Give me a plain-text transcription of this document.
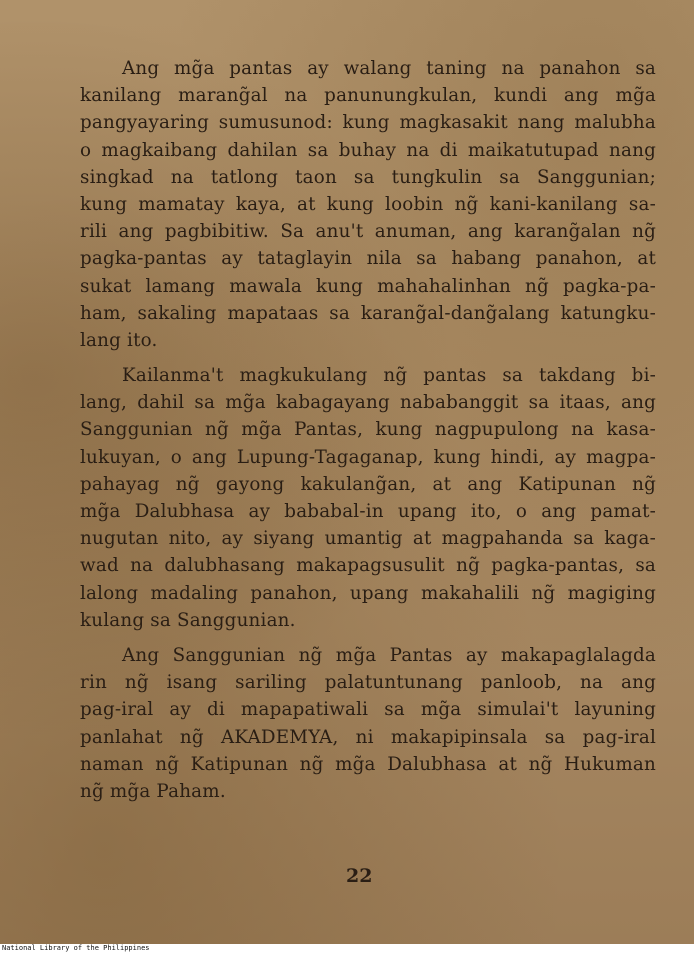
Ang mg̃a pantas ay walang taning na panahon sa
kanilang marang̃al na panunungkulan, kundi ang mg̃a
pangyayaring sumusunod: kung magkasakit nang malubha
o magkaibang dahilan sa buhay na di maikatutupad nang
singkad na tatlong taon sa tungkulin sa Sanggunian;
kung mamatay kaya, at kung loobin ng̃ kani-kanilang sa-
rili ang pagbibitiw. Sa anu't anuman, ang karang̃alan ng̃
pagka-pantas ay tataglayin nila sa habang panahon, at
sukat lamang mawala kung mahahalinhan ng̃ pagka-pa-
ham, sakaling mapataas sa karang̃al-dang̃alang katungku-
lang ito.
Kailanma't magkukulang ng̃ pantas sa takdang bi-
lang, dahil sa mg̃a kabagayang nababanggit sa itaas, ang
Sanggunian ng̃ mg̃a Pantas, kung nagpupulong na kasa-
lukuyan, o ang Lupung-Tagaganap, kung hindi, ay magpa-
pahayag ng̃ gayong kakulang̃an, at ang Katipunan ng̃
mg̃a Dalubhasa ay bababal-in upang ito, o ang pamat-
nugutan nito, ay siyang umantig at magpahanda sa kaga-
wad na dalubhasang makapagsusulit ng̃ pagka-pantas, sa
lalong madaling panahon, upang makahalili ng̃ magiging
kulang sa Sanggunian.
Ang Sanggunian ng̃ mg̃a Pantas ay makapaglalagda
rin ng̃ isang sariling palatuntunang panloob, na ang
pag-iral ay di mapapatiwali sa mg̃a simulai't layuning
panlahat ng̃ AKADEMYA, ni makapipinsala sa pag-iral
naman ng̃ Katipunan ng̃ mg̃a Dalubhasa at ng̃ Hukuman
ng̃ mg̃a Paham.
22
National Library of the Philippines
